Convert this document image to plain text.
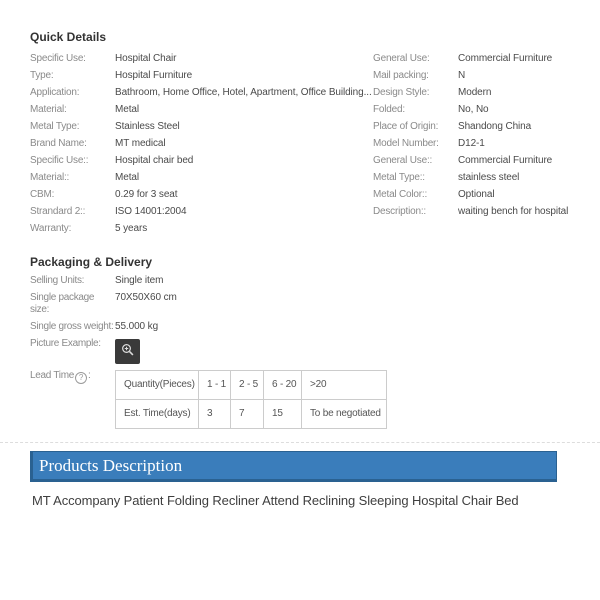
Quick Details
Specific Use:	Hospital Chair	General Use:	Commercial Furniture
Type:	Hospital Furniture	Mail packing:	N
Application:	Bathroom, Home Office, Hotel, Apartment, Office Building... Design Style:	Modern
Material:	Metal	Folded:	No, No
Metal Type:	Stainless Steel	Place of Origin:	Shandong China
Brand Name:	MT medical	Model Number:	D12-1
Specific Use::	Hospital chair bed	General Use::	Commercial Furniture
Material::	Metal	Metal Type::	stainless steel
CBM:	0.29 for 3 seat	Metal Color::	Optional
Strandard 2::	ISO 14001:2004	Description::	waiting bench for hospital
Warranty:	5 years
Packaging & Delivery
Selling Units:	Single item
Single package size:
70X50X60 cm
Single gross weight: 55.000 kg
Picture Example:
Lead Time ? :
Quantity(Pieces)	1 - 1	2 - 5	6 - 20	>20
Est. Time(days)	3	7	15	To be negotiated
Products Description
MT Accompany Patient Folding Recliner Attend Reclining Sleeping Hospital Chair Bed
